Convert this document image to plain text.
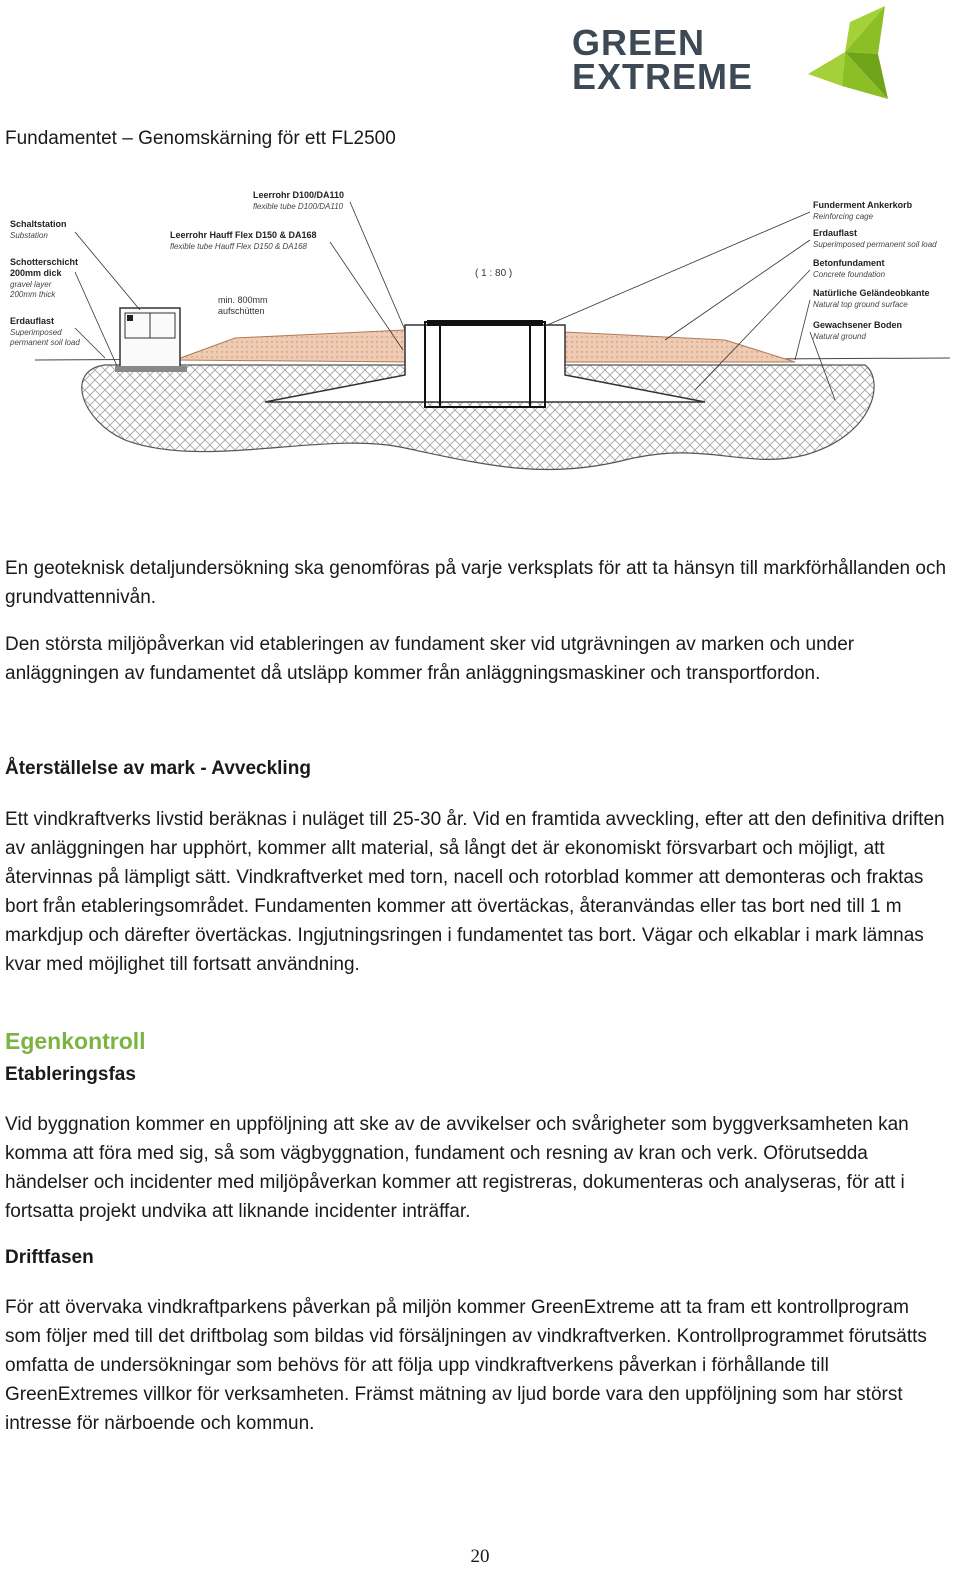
GREEN
EXTREME
Fundamentet – Genomskärning för ett FL2500
( 1 : 80 )
Schaltstation
Substation
Schotterschicht
200mm dick
gravel layer
200mm thick
Erdauflast
Superimposed
permanent soil load
Leerrohr D100/DA110
flexible tube D100/DA110
Leerrohr Hauff Flex D150 & DA168
flexible tube Hauff Flex D150 & DA168
min. 800mm
aufschütten
Funderment Ankerkorb
Reinforcing cage
Erdauflast
Superimposed permanent soil load
Betonfundament
Concrete foundation
Natürliche Geländeobkante
Natural top ground surface
Gewachsener Boden
Natural ground
En geoteknisk detaljundersökning ska genomföras på varje verksplats för att ta hänsyn till markförhållanden och grundvattennivån.
Den största miljöpåverkan vid etableringen av fundament sker vid utgrävningen av marken och under anläggningen av fundamentet då utsläpp kommer från anläggningsmaskiner och transportfordon.
Återställelse av mark - Avveckling
Ett vindkraftverks livstid beräknas i nuläget till 25-30 år. Vid en framtida avveckling, efter att den definitiva driften av anläggningen har upphört, kommer allt material, så långt det är ekonomiskt försvarbart och möjligt, att återvinnas på lämpligt sätt. Vindkraftverket med torn, nacell och rotorblad kommer att demonteras och fraktas bort från etableringsområdet. Fundamenten kommer att övertäckas, återanvändas eller tas bort ned till 1 m markdjup och därefter övertäckas. Ingjutningsringen i fundamentet tas bort. Vägar och elkablar i mark lämnas kvar med möjlighet till fortsatt användning.
Egenkontroll
Etableringsfas
Vid byggnation kommer en uppföljning att ske av de avvikelser och svårigheter som byggverksamheten kan komma att föra med sig, så som vägbyggnation, fundament och resning av kran och verk. Oförutsedda händelser och incidenter med miljöpåverkan kommer att registreras, dokumenteras och analyseras, för att i fortsatta projekt undvika att liknande incidenter inträffar.
Driftfasen
För att övervaka vindkraftparkens påverkan på miljön kommer GreenExtreme att ta fram ett kontrollprogram som följer med till det driftbolag som bildas vid försäljningen av vindkraftverken. Kontrollprogrammet förutsätts omfatta de undersökningar som behövs för att följa upp vindkraftverkens påverkan i förhållande till GreenExtremes villkor för verksamheten. Främst mätning av ljud borde vara den uppföljning som har störst intresse för närboende och kommun.
20
